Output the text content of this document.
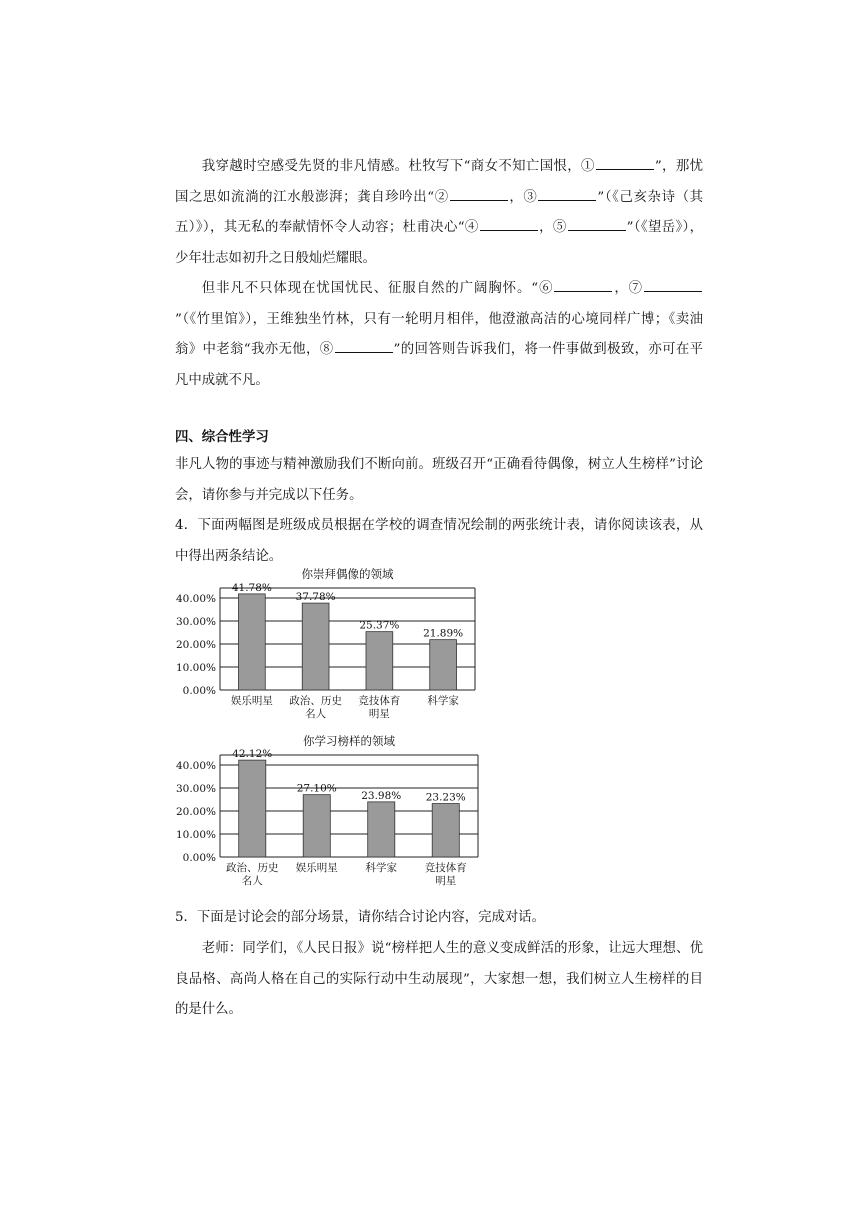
我穿越时空感受先贤的非凡情感。杜牧写下“商女不知亡国恨，①	”，那忧国之思如流淌的江水般澎湃；龚自珍吟出“②	，③	”（《己亥杂诗（其五）》），其无私的奉献情怀令人动容；杜甫决心“④	，⑤	”（《望岳》），少年壮志如初升之日般灿烂耀眼。
但非凡不只体现在忧国忧民、征服自然的广阔胸怀。“⑥	，⑦”（《竹里馆》），王维独坐竹林，只有一轮明月相伴，他澄澈高洁的心境同样广博；《卖油翁》中老翁“我亦无他，⑧	”的回答则告诉我们，将一件事做到极致，亦可在平凡中成就不凡。
四、综合性学习
非凡人物的事迹与精神激励我们不断向前。班级召开“正确看待偶像，树立人生榜样”讨论会，请你参与并完成以下任务。
4．下面两幅图是班级成员根据在学校的调查情况绘制的两张统计表，请你阅读该表，从中得出两条结论。
你崇拜偶像的领域
40.00%
30.00%
20.00%
10.00%
0.00%
41.78%
娱乐明星
37.78%
政治、历史
名人
25.37%
竞技体育
明星
21.89%
科学家
你学习榜样的领域
40.00%
30.00%
20.00%
10.00%
0.00%
42.12%
政治、历史
名人
27.10%
娱乐明星
23.98%
科学家
23.23%
竞技体育
明星
5．下面是讨论会的部分场景，请你结合讨论内容，完成对话。
老师：同学们，《人民日报》说“榜样把人生的意义变成鲜活的形象，让远大理想、优良品格、高尚人格在自己的实际行动中生动展现”，大家想一想，我们树立人生榜样的目的是什么。
